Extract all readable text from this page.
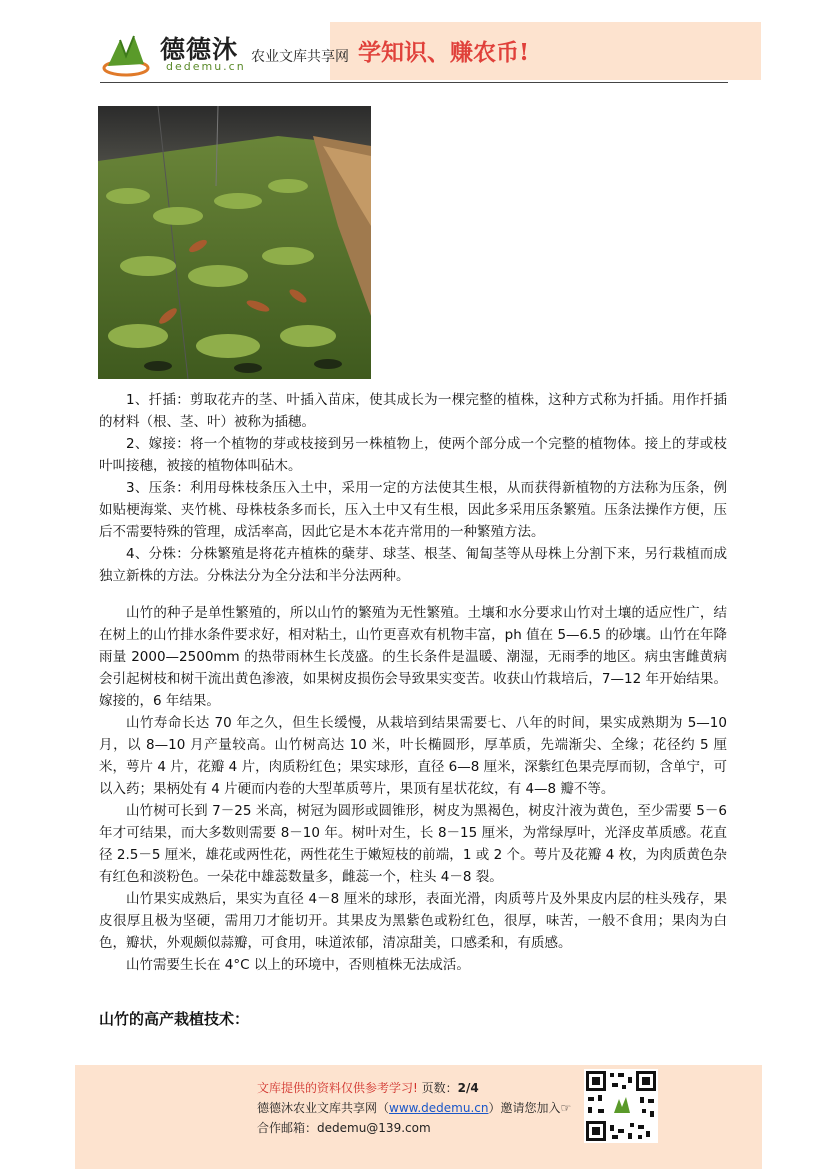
德德沐
dedemu.cn
农业文库共享网 学知识、赚农币!

1、扦插：剪取花卉的茎、叶插入苗床，使其成长为一棵完整的植株，这种方式称为扦插。用作扦插的材料（根、茎、叶）被称为插穗。

2、嫁接：将一个植物的芽或枝接到另一株植物上，使两个部分成一个完整的植物体。接上的芽或枝叶叫接穗，被接的植物体叫砧木。

3、压条：利用母株枝条压入土中，采用一定的方法使其生根，从而获得新植物的方法称为压条，例如贴梗海棠、夹竹桃、母株枝条多而长，压入土中又有生根，因此多采用压条繁殖。压条法操作方便，压后不需要特殊的管理，成活率高，因此它是木本花卉常用的一种繁殖方法。

4、分株：分株繁殖是将花卉植株的蘖芽、球茎、根茎、匍匐茎等从母株上分割下来，另行栽植而成独立新株的方法。分株法分为全分法和半分法两种。

山竹的种子是单性繁殖的，所以山竹的繁殖为无性繁殖。土壤和水分要求山竹对土壤的适应性广，结在树上的山竹排水条件要求好，相对粘土，山竹更喜欢有机物丰富，ph 值在 5—6.5 的砂壤。山竹在年降雨量 2000—2500mm 的热带雨林生长茂盛。的生长条件是温暖、潮湿，无雨季的地区。病虫害雌黄病会引起树枝和树干流出黄色渗液，如果树皮损伤会导致果实变苦。收获山竹栽培后，7—12 年开始结果。嫁接的，6 年结果。

山竹寿命长达 70 年之久，但生长缓慢，从栽培到结果需要七、八年的时间，果实成熟期为 5—10 月，以 8—10 月产量较高。山竹树高达 10 米，叶长椭圆形，厚革质，先端渐尖、全缘；花径约 5 厘米，萼片 4 片，花瓣 4 片，肉质粉红色；果实球形，直径 6—8 厘米，深紫红色果壳厚而韧，含单宁，可以入药；果柄处有 4 片硬而内卷的大型革质萼片，果顶有星状花纹，有 4—8 瓣不等。

山竹树可长到 7－25 米高，树冠为圆形或圆锥形，树皮为黑褐色，树皮汁液为黄色，至少需要 5－6 年才可结果，而大多数则需要 8－10 年。树叶对生，长 8－15 厘米，为常绿厚叶，光泽皮革质感。花直径 2.5－5 厘米，雄花或两性花，两性花生于嫩短枝的前端，1 或 2 个。萼片及花瓣 4 枚，为肉质黄色杂有红色和淡粉色。一朵花中雄蕊数量多，雌蕊一个，柱头 4－8 裂。

山竹果实成熟后，果实为直径 4－8 厘米的球形，表面光滑，肉质萼片及外果皮内层的柱头残存，果皮很厚且极为坚硬，需用刀才能切开。其果皮为黑紫色或粉红色，很厚，味苦，一般不食用；果肉为白色，瓣状，外观颇似蒜瓣，可食用，味道浓郁，清凉甜美，口感柔和，有质感。

山竹需要生长在 4°C 以上的环境中，否则植株无法成活。

山竹的高产栽植技术：
文库提供的资料仅供参考学习! 页数：2/4
德德沐农业文库共享网（www.dedemu.cn）邀请您加入☞
合作邮箱：dedemu@139.com
